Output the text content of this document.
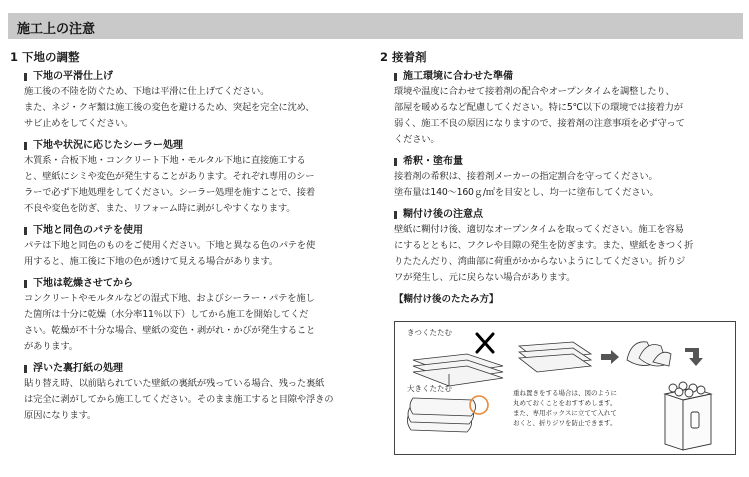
施工上の注意
1 下地の調整
下地の平滑仕上げ
施工後の不陸を防ぐため、下地は平滑に仕上げてください。
また、ネジ・クギ類は施工後の変色を避けるため、突起を完全に沈め、
サビ止めをしてください。
下地や状況に応じたシーラー処理
木質系・合板下地・コンクリート下地・モルタル下地に直接施工する
と、壁紙にシミや変色が発生することがあります。それぞれ専用のシー
ラーで必ず下地処理をしてください。シーラー処理を施すことで、接着
不良や変色を防ぎ、また、リフォーム時に剥がしやすくなります。
下地と同色のパテを使用
パテは下地と同色のものをご使用ください。下地と異なる色のパテを使
用すると、施工後に下地の色が透けて見える場合があります。
下地は乾燥させてから
コンクリートやモルタルなどの湿式下地、およびシーラー・パテを施し
た箇所は十分に乾燥（水分率11％以下）してから施工を開始してくだ
さい。乾燥が不十分な場合、壁紙の変色・剥がれ・かびが発生すること
があります。
浮いた裏打紙の処理
貼り替え時、以前貼られていた壁紙の裏紙が残っている場合、残った裏紙
は完全に剥がしてから施工してください。そのまま施工すると目隙や浮きの
原因になります。
2 接着剤
施工環境に合わせた準備
環境や温度に合わせて接着剤の配合やオープンタイムを調整したり、
部屋を暖めるなど配慮してください。特に5℃以下の環境では接着力が
弱く、施工不良の原因になりますので、接着剤の注意事項を必ず守って
ください。
希釈・塗布量
接着剤の希釈は、接着剤メーカーの指定割合を守ってください。
塗布量は140～160ｇ/㎡を目安とし、均一に塗布してください。
糊付け後の注意点
壁紙に糊付け後、適切なオープンタイムを取ってください。施工を容易
にするとともに、フクレや目隙の発生を防ぎます。また、壁紙をきつく折
りたたんだり、湾曲部に荷重がかからないようにしてください。折りジ
ワが発生し、元に戻らない場合があります。
【糊付け後のたたみ方】
きつくたたむ
大きくたたむ	重ね置きをする場合は、図のように
丸めておくことをおすすめします。
また、専用ボックスに立てて入れて
おくと、折りジワを防止できます。
